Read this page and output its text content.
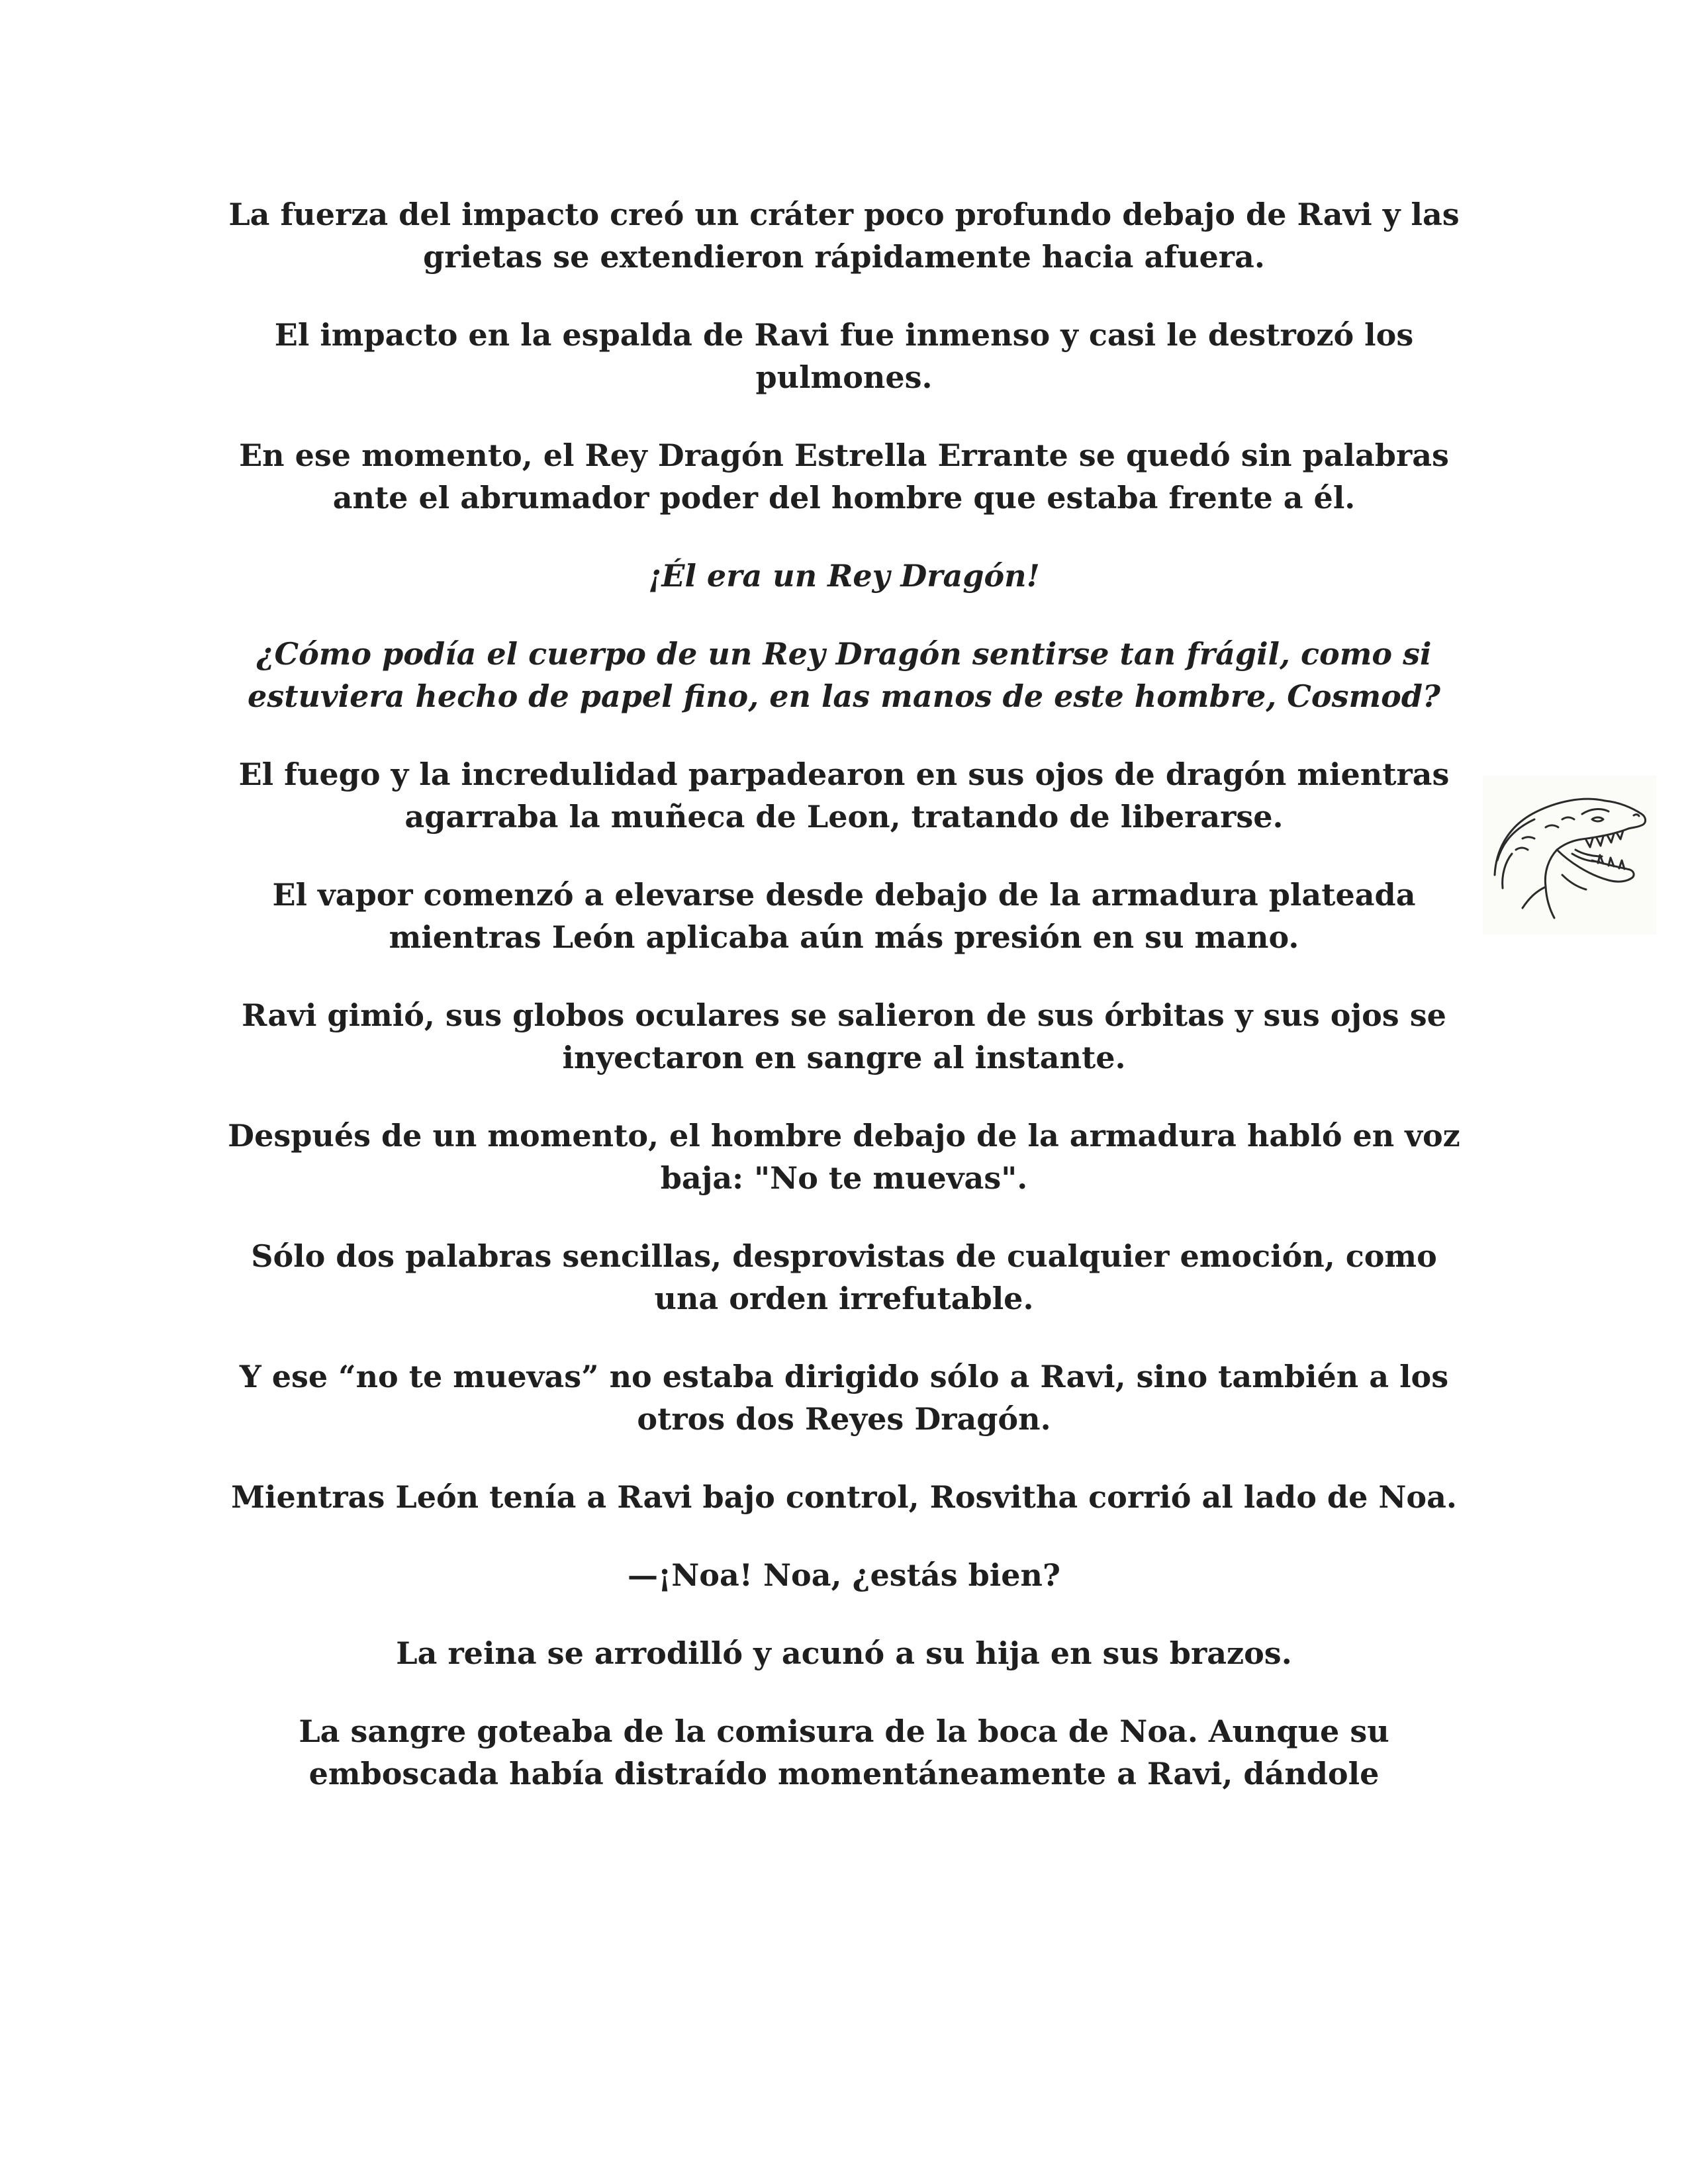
La fuerza del impacto creó un cráter poco profundo debajo de Ravi y las grietas se extendieron rápidamente hacia afuera.

El impacto en la espalda de Ravi fue inmenso y casi le destrozó los pulmones.

En ese momento, el Rey Dragón Estrella Errante se quedó sin palabras ante el abrumador poder del hombre que estaba frente a él.

¡Él era un Rey Dragón!

¿Cómo podía el cuerpo de un Rey Dragón sentirse tan frágil, como si estuviera hecho de papel fino, en las manos de este hombre, Cosmod?

El fuego y la incredulidad parpadearon en sus ojos de dragón mientras agarraba la muñeca de Leon, tratando de liberarse.

El vapor comenzó a elevarse desde debajo de la armadura plateada mientras León aplicaba aún más presión en su mano.

Ravi gimió, sus globos oculares se salieron de sus órbitas y sus ojos se inyectaron en sangre al instante.

Después de un momento, el hombre debajo de la armadura habló en voz baja: "No te muevas".

Sólo dos palabras sencillas, desprovistas de cualquier emoción, como una orden irrefutable.

Y ese “no te muevas” no estaba dirigido sólo a Ravi, sino también a los otros dos Reyes Dragón.

Mientras León tenía a Ravi bajo control, Rosvitha corrió al lado de Noa.

—¡Noa! Noa, ¿estás bien?

La reina se arrodilló y acunó a su hija en sus brazos.

La sangre goteaba de la comisura de la boca de Noa. Aunque su emboscada había distraído momentáneamente a Ravi, dándole
